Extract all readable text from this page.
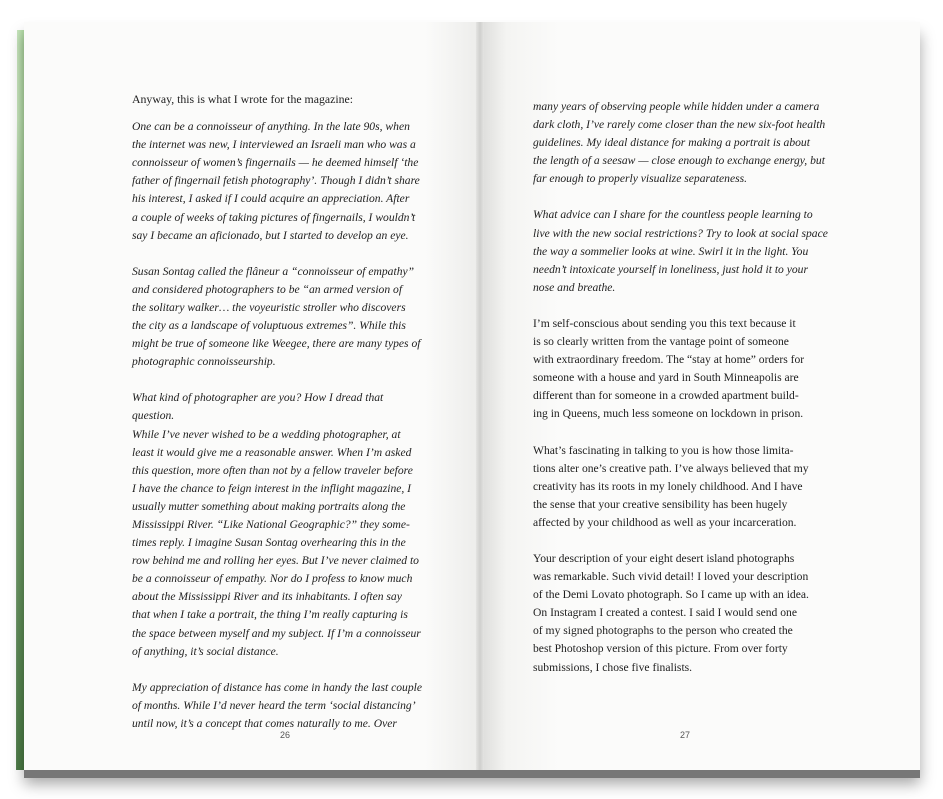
Anyway, this is what I wrote for the magazine:

One can be a connoisseur of anything. In the late 90s, when
the internet was new, I interviewed an Israeli man who was a
connoisseur of women’s fingernails — he deemed himself ‘the
father of fingernail fetish photography’. Though I didn’t share
his interest, I asked if I could acquire an appreciation. After
a couple of weeks of taking pictures of fingernails, I wouldn’t
say I became an aficionado, but I started to develop an eye.

Susan Sontag called the flâneur a “connoisseur of empathy”
and considered photographers to be “an armed version of
the solitary walker… the voyeuristic stroller who discovers
the city as a landscape of voluptuous extremes”. While this
might be true of someone like Weegee, there are many types of
photographic connoisseurship.

What kind of photographer are you? How I dread that question.
While I’ve never wished to be a wedding photographer, at
least it would give me a reasonable answer. When I’m asked
this question, more often than not by a fellow traveler before
I have the chance to feign interest in the inflight magazine, I
usually mutter something about making portraits along the
Mississippi River. “Like National Geographic?” they some-
times reply. I imagine Susan Sontag overhearing this in the
row behind me and rolling her eyes. But I’ve never claimed to
be a connoisseur of empathy. Nor do I profess to know much
about the Mississippi River and its inhabitants. I often say
that when I take a portrait, the thing I’m really capturing is
the space between myself and my subject. If I’m a connoisseur
of anything, it’s social distance.

My appreciation of distance has come in handy the last couple
of months. While I’d never heard the term ‘social distancing’
until now, it’s a concept that comes naturally to me. Over

26

many years of observing people while hidden under a camera
dark cloth, I’ve rarely come closer than the new six-foot health
guidelines. My ideal distance for making a portrait is about
the length of a seesaw — close enough to exchange energy, but
far enough to properly visualize separateness.

What advice can I share for the countless people learning to
live with the new social restrictions? Try to look at social space
the way a sommelier looks at wine. Swirl it in the light. You
needn’t intoxicate yourself in loneliness, just hold it to your
nose and breathe.

I’m self-conscious about sending you this text because it
is so clearly written from the vantage point of someone
with extraordinary freedom. The “stay at home” orders for
someone with a house and yard in South Minneapolis are
different than for someone in a crowded apartment build-
ing in Queens, much less someone on lockdown in prison.

What’s fascinating in talking to you is how those limita-
tions alter one’s creative path. I’ve always believed that my
creativity has its roots in my lonely childhood. And I have
the sense that your creative sensibility has been hugely
affected by your childhood as well as your incarceration.

Your description of your eight desert island photographs
was remarkable. Such vivid detail! I loved your description
of the Demi Lovato photograph. So I came up with an idea.
On Instagram I created a contest. I said I would send one
of my signed photographs to the person who created the
best Photoshop version of this picture. From over forty
submissions, I chose five finalists.

27
